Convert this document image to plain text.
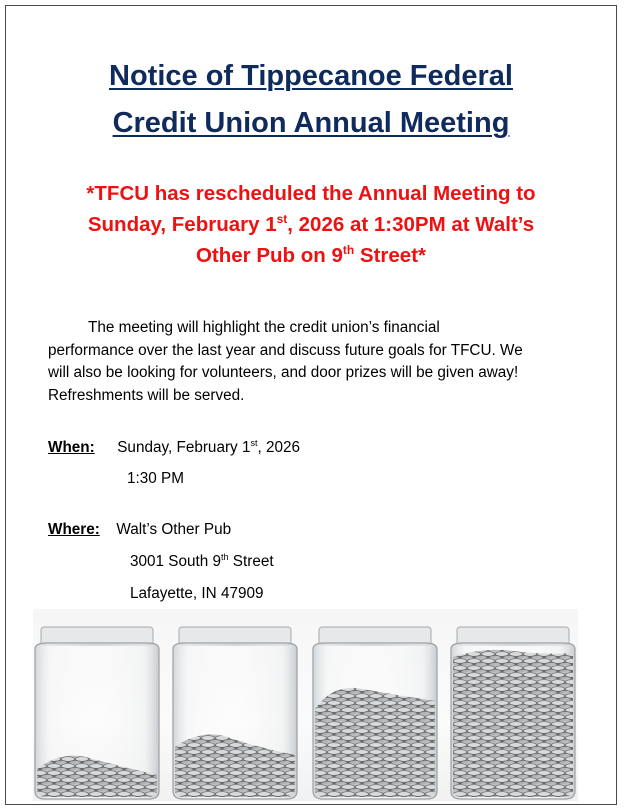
Notice of Tippecanoe Federal
Credit Union Annual Meeting

*TFCU has rescheduled the Annual Meeting to
Sunday, February 1st, 2026 at 1:30PM at Walt’s
Other Pub on 9th Street*

The meeting will highlight the credit union’s financial
performance over the last year and discuss future goals for TFCU. We
will also be looking for volunteers, and door prizes will be given away!
Refreshments will be served.

When: Sunday, February 1st, 2026
1:30 PM
Where: Walt’s Other Pub
3001 South 9th Street
Lafayette, IN 47909
